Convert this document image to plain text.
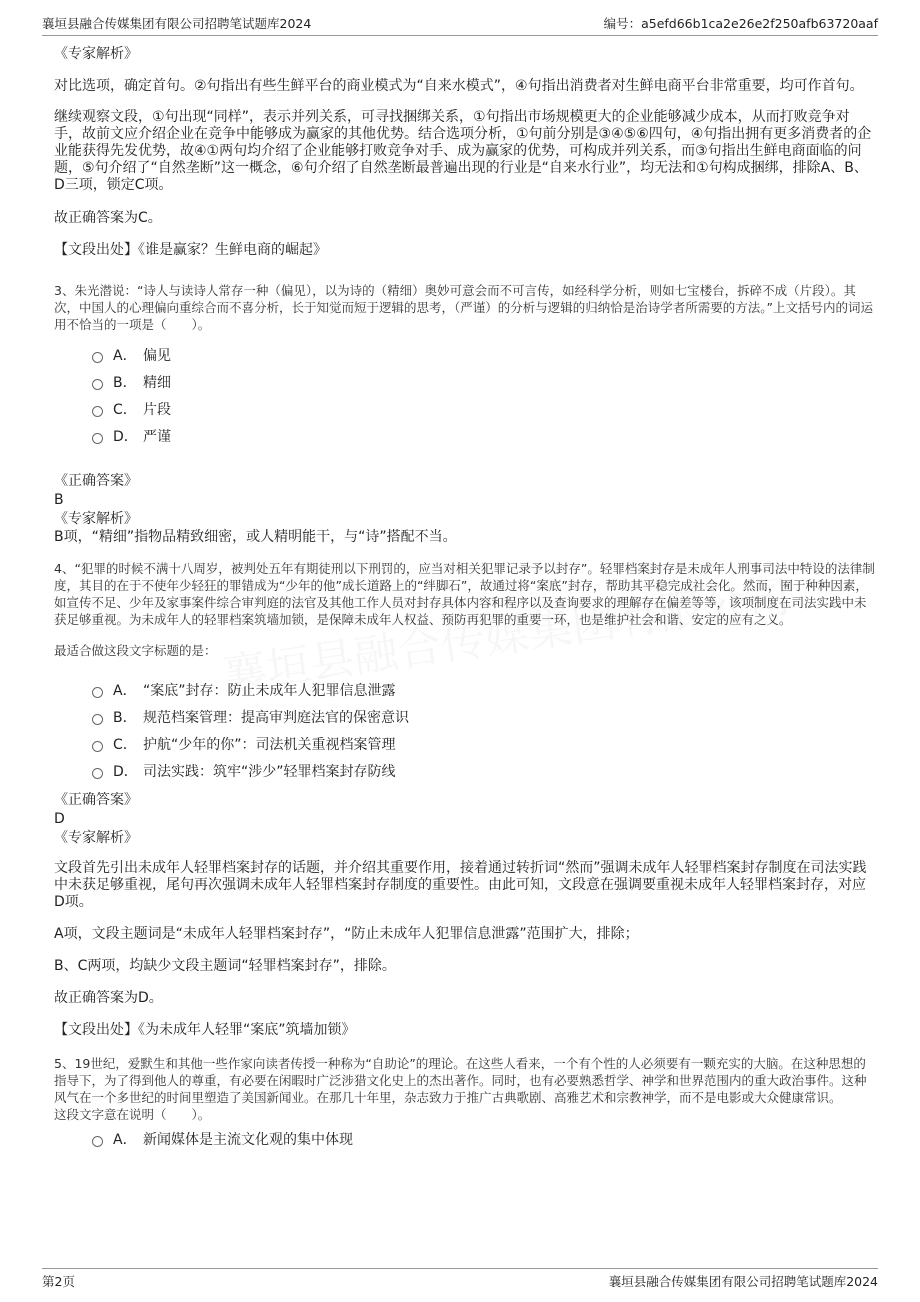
襄垣县融合传媒集团有限公司招聘笔试题库2024	编号：a5efd66b1ca2e26e2f250afb63720aaf

《专家解析》

对比选项，确定首句。②句指出有些生鲜平台的商业模式为“自来水模式”，④句指出消费者对生鲜电商平台非常重要，均可作首句。

继续观察文段，①句出现“同样”，表示并列关系，可寻找捆绑关系，①句指出市场规模更大的企业能够减少成本，从而打败竞争对手，故前文应介绍企业在竞争中能够成为赢家的其他优势。结合选项分析，①句前分别是③④⑤⑥四句，④句指出拥有更多消费者的企业能获得先发优势，故④①两句均介绍了企业能够打败竞争对手、成为赢家的优势，可构成并列关系，而③句指出生鲜电商面临的问题，⑤句介绍了“自然垄断”这一概念，⑥句介绍了自然垄断最普遍出现的行业是“自来水行业”，均无法和①句构成捆绑，排除A、B、D三项，锁定C项。

故正确答案为C。

【文段出处】《谁是赢家？生鲜电商的崛起》

3、朱光潜说：“诗人与读诗人常存一种（偏见），以为诗的（精细）奥妙可意会而不可言传，如经科学分析，则如七宝楼台，拆碎不成（片段）。其次，中国人的心理偏向重综合而不喜分析，长于知觉而短于逻辑的思考，（严谨）的分析与逻辑的归纳恰是治诗学者所需要的方法。”上文括号内的词运用不恰当的一项是（　　）。

A． 偏见
B． 精细
C． 片段
D． 严谨

《正确答案》

B

《专家解析》

B项，“精细”指物品精致细密，或人精明能干，与“诗”搭配不当。

4、“犯罪的时候不满十八周岁，被判处五年有期徒刑以下刑罚的，应当对相关犯罪记录予以封存”。轻罪档案封存是未成年人刑事司法中特设的法律制度，其目的在于不使年少轻狂的罪错成为“少年的他”成长道路上的“绊脚石”，故通过将“案底”封存，帮助其平稳完成社会化。然而，囿于种种因素，如宣传不足、少年及家事案件综合审判庭的法官及其他工作人员对封存具体内容和程序以及查询要求的理解存在偏差等等，该项制度在司法实践中未获足够重视。为未成年人的轻罪档案筑墙加锁，是保障未成年人权益、预防再犯罪的重要一环，也是维护社会和谐、安定的应有之义。

最适合做这段文字标题的是：

A． “案底”封存：防止未成年人犯罪信息泄露
B． 规范档案管理：提高审判庭法官的保密意识
C． 护航“少年的你”：司法机关重视档案管理
D． 司法实践：筑牢“涉少”轻罪档案封存防线

《正确答案》

D

《专家解析》

文段首先引出未成年人轻罪档案封存的话题，并介绍其重要作用，接着通过转折词“然而”强调未成年人轻罪档案封存制度在司法实践中未获足够重视，尾句再次强调未成年人轻罪档案封存制度的重要性。由此可知，文段意在强调要重视未成年人轻罪档案封存，对应D项。

A项，文段主题词是“未成年人轻罪档案封存”，“防止未成年人犯罪信息泄露”范围扩大，排除；

B、C两项，均缺少文段主题词“轻罪档案封存”，排除。

故正确答案为D。

【文段出处】《为未成年人轻罪“案底”筑墙加锁》

5、19世纪，爱默生和其他一些作家向读者传授一种称为“自助论”的理论。在这些人看来，一个有个性的人必须要有一颗充实的大脑。在这种思想的指导下，为了得到他人的尊重，有必要在闲暇时广泛涉猎文化史上的杰出著作。同时，也有必要熟悉哲学、神学和世界范围内的重大政治事件。这种风气在一个多世纪的时间里塑造了美国新闻业。在那几十年里，杂志致力于推广古典歌剧、高雅艺术和宗教神学，而不是电影或大众健康常识。

这段文字意在说明（　　）。

A． 新闻媒体是主流文化观的集中体现
第2页	襄垣县融合传媒集团有限公司招聘笔试题库2024
